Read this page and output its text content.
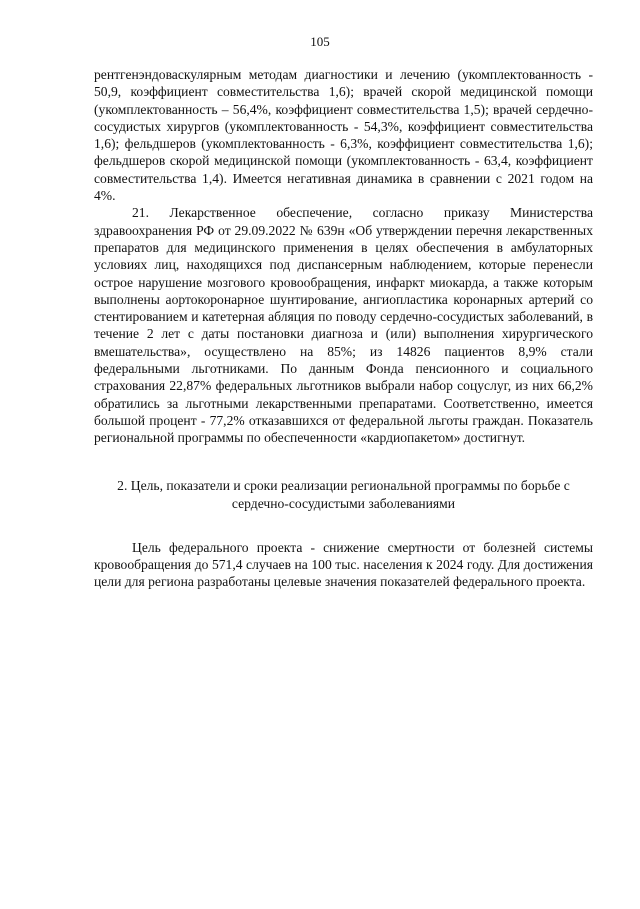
105

рентгенэндоваскулярным методам диагностики и лечению (укомплектованность - 50,9, коэффициент совместительства 1,6); врачей скорой медицинской помощи (укомплектованность – 56,4%, коэффициент совместительства 1,5); врачей сердечно-сосудистых хирургов (укомплектованность - 54,3%, коэффициент совместительства 1,6); фельдшеров (укомплектованность - 6,3%, коэффициент совместительства 1,6); фельдшеров скорой медицинской помощи (укомплектованность - 63,4, коэффициент совместительства 1,4). Имеется негативная динамика в сравнении с 2021 годом на 4%.

21. Лекарственное обеспечение, согласно приказу Министерства здравоохранения РФ от 29.09.2022 № 639н «Об утверждении перечня лекарственных препаратов для медицинского применения в целях обеспечения в амбулаторных условиях лиц, находящихся под диспансерным наблюдением, которые перенесли острое нарушение мозгового кровообращения, инфаркт миокарда, а также которым выполнены аортокоронарное шунтирование, ангиопластика коронарных артерий со стентированием и катетерная абляция по поводу сердечно-сосудистых заболеваний, в течение 2 лет с даты постановки диагноза и (или) выполнения хирургического вмешательства», осуществлено на 85%; из 14826 пациентов 8,9% стали федеральными льготниками. По данным Фонда пенсионного и социального страхования 22,87% федеральных льготников выбрали набор соцуслуг, из них 66,2% обратились за льготными лекарственными препаратами. Соответственно, имеется большой процент - 77,2% отказавшихся от федеральной льготы граждан. Показатель региональной программы по обеспеченности «кардиопакетом» достигнут.

2. Цель, показатели и сроки реализации региональной программы по борьбе с сердечно-сосудистыми заболеваниями

Цель федерального проекта - снижение смертности от болезней системы кровообращения до 571,4 случаев на 100 тыс. населения к 2024 году. Для достижения цели для региона разработаны целевые значения показателей федерального проекта.
